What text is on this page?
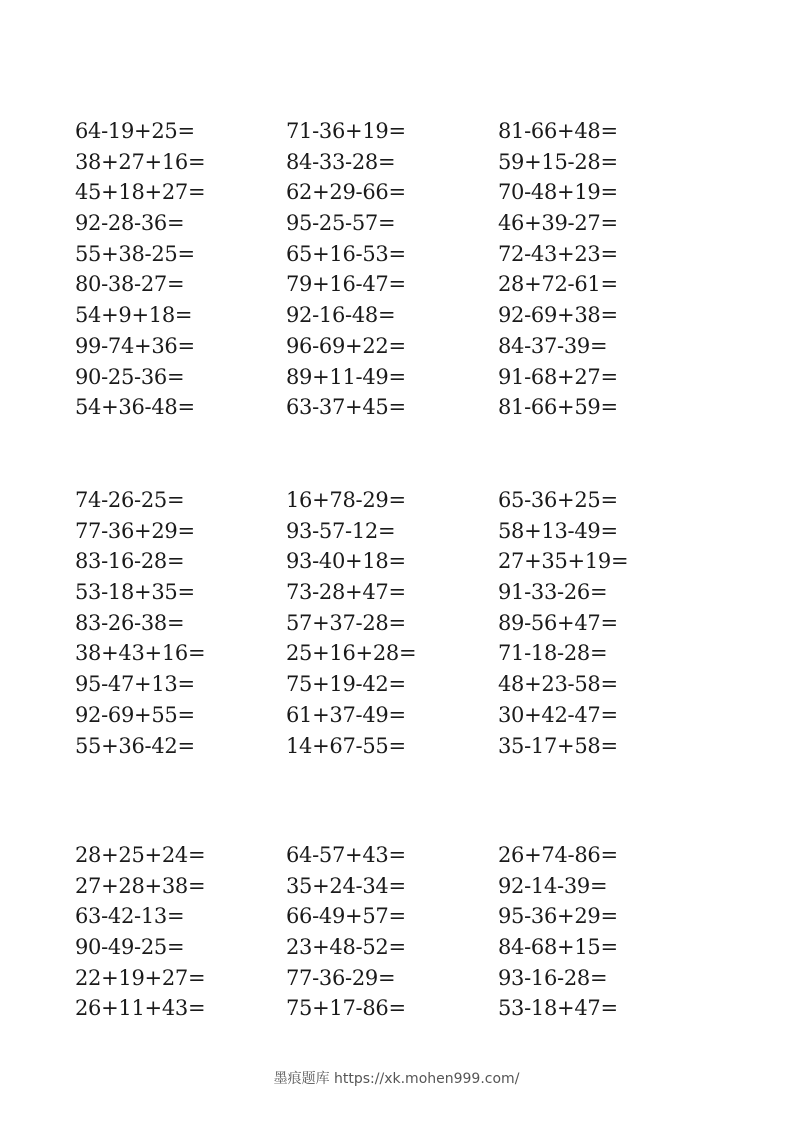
64-19+25=
38+27+16=
45+18+27=
92-28-36=
55+38-25=
80-38-27=
54+9+18=
99-74+36=
90-25-36=
54+36-48=
71-36+19=
84-33-28=
62+29-66=
95-25-57=
65+16-53=
79+16-47=
92-16-48=
96-69+22=
89+11-49=
63-37+45=
81-66+48=
59+15-28=
70-48+19=
46+39-27=
72-43+23=
28+72-61=
92-69+38=
84-37-39=
91-68+27=
81-66+59=
74-26-25=
77-36+29=
83-16-28=
53-18+35=
83-26-38=
38+43+16=
95-47+13=
92-69+55=
55+36-42=
16+78-29=
93-57-12=
93-40+18=
73-28+47=
57+37-28=
25+16+28=
75+19-42=
61+37-49=
14+67-55=
65-36+25=
58+13-49=
27+35+19=
91-33-26=
89-56+47=
71-18-28=
48+23-58=
30+42-47=
35-17+58=
28+25+24=
27+28+38=
63-42-13=
90-49-25=
22+19+27=
26+11+43=
64-57+43=
35+24-34=
66-49+57=
23+48-52=
77-36-29=
75+17-86=
26+74-86=
92-14-39=
95-36+29=
84-68+15=
93-16-28=
53-18+47=
墨痕题库 https://xk.mohen999.com/
